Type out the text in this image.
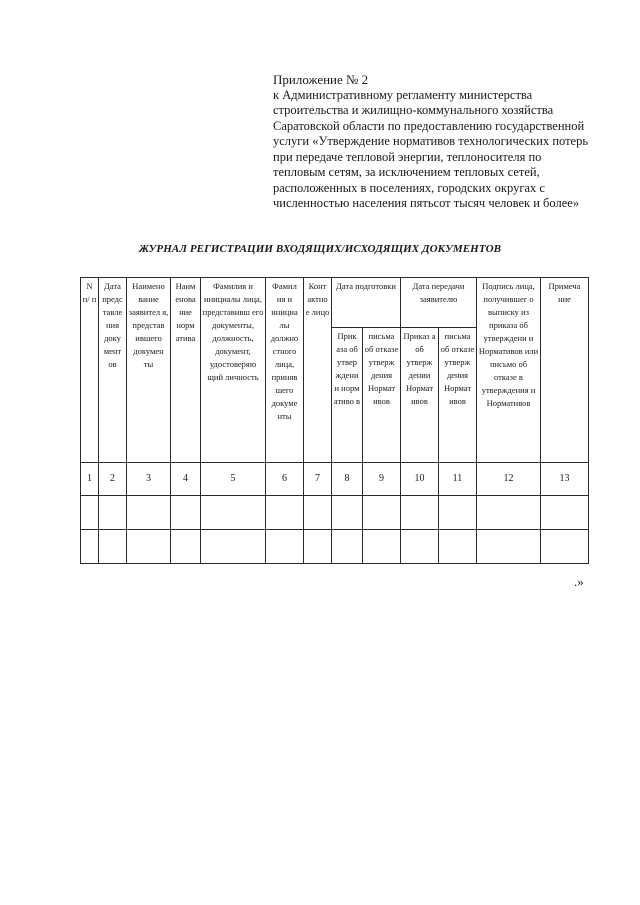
Приложение № 2
к Административному регламенту министерства строительства и жилищно-коммунального хозяйства Саратовской области по предоставлению государственной услуги «Утверждение нормативов технологических потерь при передаче тепловой энергии, теплоносителя по тепловым сетям, за исключением тепловых сетей, расположенных в поселениях, городских округах с численностью населения пятьсот тысяч человек и более»
ЖУРНАЛ РЕГИСТРАЦИИ ВХОДЯЩИХ/ИСХОДЯЩИХ ДОКУМЕНТОВ
N п/ п	Дата предс тавле ния доку мент ов	Наимено вание заявител я, представ ившего докумен ты	Наим енова ние норм атива	Фамилия и инициалы лица, представивш его документы, должность, документ, удостоверяю щий личность	Фамил ия и инициа лы должно стного лица, приняв шего докуме нты	Конт актно е лицо	Дата подготовки		Дата передачи заявителю		Подпись лица, получившег о выписку из приказа об утверждени и Нормативов или письмо об отказе в утверждения и Нормативов	Примеча ние
							Прик аза об утвер ждени и норм ативо в	письма об отказе утверж дения Нормат ивов	Приказ а об утверж дении Нормат ивов	письма об отказе утверж дения Нормат ивов		
1	2	3	4	5	6	7	8	9	10	11	12	13

.»
